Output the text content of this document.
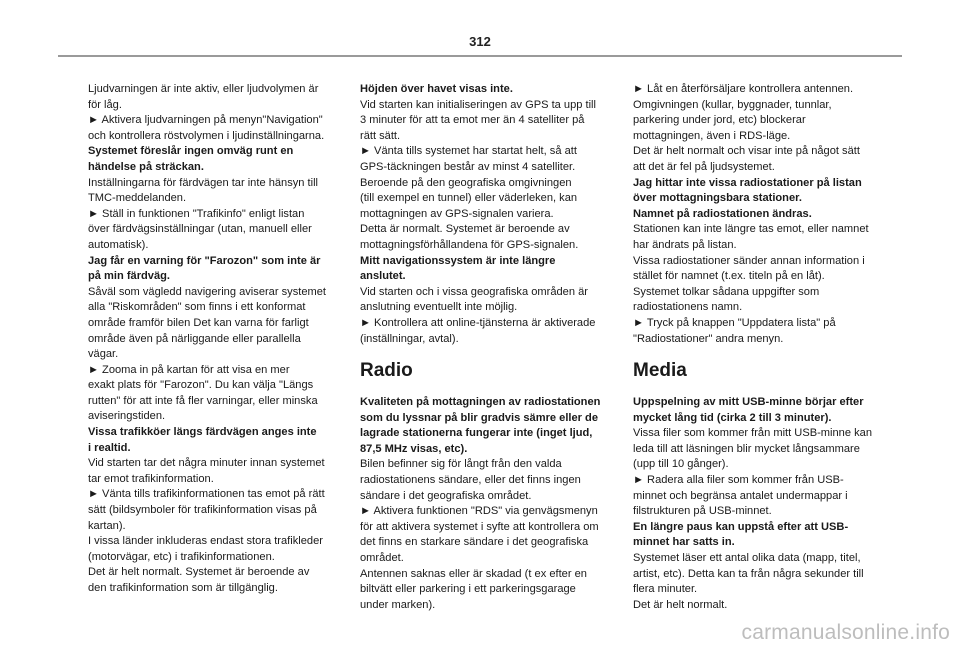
312
Ljudvarningen är inte aktiv, eller ljudvolymen är
för låg.
► Aktivera ljudvarningen på menyn"Navigation"
och kontrollera röstvolymen i ljudinställningarna.
Systemet föreslår ingen omväg runt en
händelse på sträckan.
Inställningarna för färdvägen tar inte hänsyn till
TMC-meddelanden.
► Ställ in funktionen "Trafikinfo" enligt listan
över färdvägsinställningar (utan, manuell eller
automatisk).
Jag får en varning för "Farozon" som inte är
på min färdväg.
Såväl som vägledd navigering aviserar systemet
alla "Riskområden" som finns i ett konformat
område framför bilen Det kan varna för farligt
område även på närliggande eller parallella
vägar.
► Zooma in på kartan för att visa en mer
exakt plats för "Farozon". Du kan välja "Längs
rutten" för att inte få fler varningar, eller minska
aviseringstiden.
Vissa trafikköer längs färdvägen anges inte
i realtid.
Vid starten tar det några minuter innan systemet
tar emot trafikinformation.
► Vänta tills trafikinformationen tas emot på rätt
sätt (bildsymboler för trafikinformation visas på
kartan).
I vissa länder inkluderas endast stora trafikleder
(motorvägar, etc) i trafikinformationen.
Det är helt normalt. Systemet är beroende av
den trafikinformation som är tillgänglig.
Höjden över havet visas inte.
Vid starten kan initialiseringen av GPS ta upp till
3 minuter för att ta emot mer än 4 satelliter på
rätt sätt.
► Vänta tills systemet har startat helt, så att
GPS-täckningen består av minst 4 satelliter.
Beroende på den geografiska omgivningen
(till exempel en tunnel) eller väderleken, kan
mottagningen av GPS-signalen variera.
Detta är normalt. Systemet är beroende av
mottagningsförhållandena för GPS-signalen.
Mitt navigationssystem är inte längre
anslutet.
Vid starten och i vissa geografiska områden är
anslutning eventuellt inte möjlig.
► Kontrollera att online-tjänsterna är aktiverade
(inställningar, avtal).
Radio
Kvaliteten på mottagningen av radiostationen
som du lyssnar på blir gradvis sämre eller de
lagrade stationerna fungerar inte (inget ljud,
87,5 MHz visas, etc).
Bilen befinner sig för långt från den valda
radiostationens sändare, eller det finns ingen
sändare i det geografiska området.
► Aktivera funktionen "RDS" via genvägsmenyn
för att aktivera systemet i syfte att kontrollera om
det finns en starkare sändare i det geografiska
området.
Antennen saknas eller är skadad (t ex efter en
biltvätt eller parkering i ett parkeringsgarage
under marken).
► Låt en återförsäljare kontrollera antennen.
Omgivningen (kullar, byggnader, tunnlar,
parkering under jord, etc) blockerar
mottagningen, även i RDS-läge.
Det är helt normalt och visar inte på något sätt
att det är fel på ljudsystemet.
Jag hittar inte vissa radiostationer på listan
över mottagningsbara stationer.
Namnet på radiostationen ändras.
Stationen kan inte längre tas emot, eller namnet
har ändrats på listan.
Vissa radiostationer sänder annan information i
stället för namnet (t.ex. titeln på en låt).
Systemet tolkar sådana uppgifter som
radiostationens namn.
► Tryck på knappen "Uppdatera lista" på
"Radiostationer" andra menyn.
Media
Uppspelning av mitt USB-minne börjar efter
mycket lång tid (cirka 2 till 3 minuter).
Vissa filer som kommer från mitt USB-minne kan
leda till att läsningen blir mycket långsammare
(upp till 10 gånger).
► Radera alla filer som kommer från USB-
minnet och begränsa antalet undermappar i
filstrukturen på USB-minnet.
En längre paus kan uppstå efter att USB-
minnet har satts in.
Systemet läser ett antal olika data (mapp, titel,
artist, etc). Detta kan ta från några sekunder till
flera minuter.
Det är helt normalt.
carmanualsonline.info
